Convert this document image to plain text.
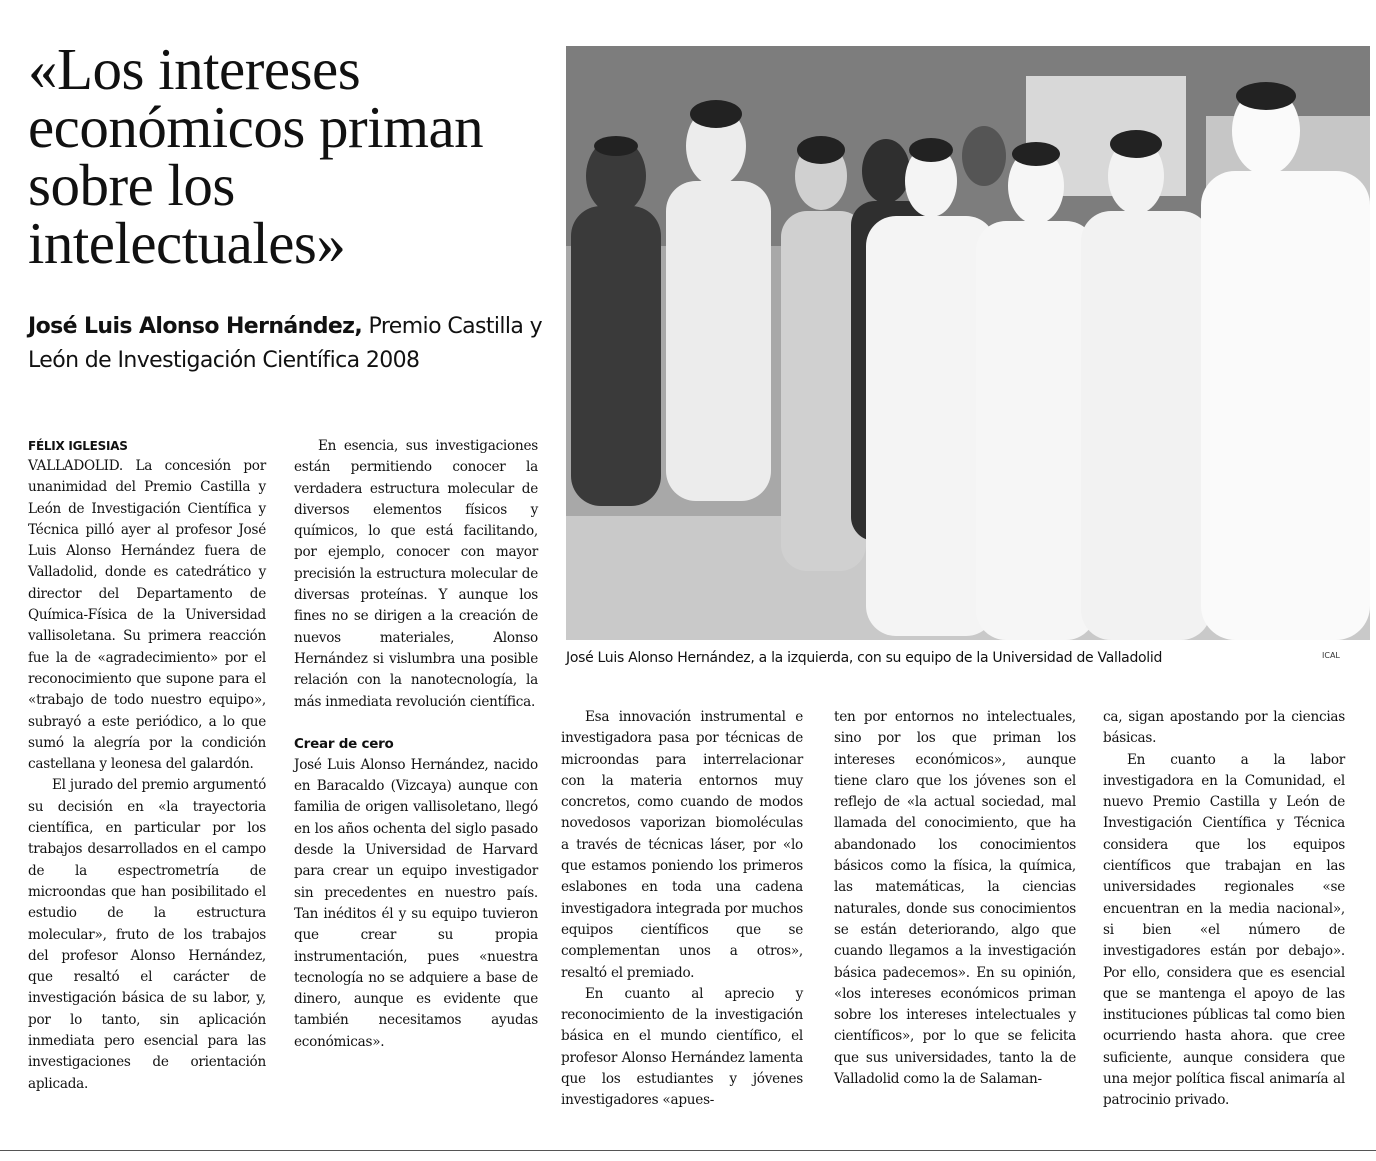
«Los intereses económicos priman sobre los intelectuales»
José Luis Alonso Hernández, Premio Castilla y León de Investigación Científica 2008
FÉLIX IGLESIAS

VALLADOLID. La concesión por unanimidad del Premio Castilla y León de Investigación Científica y Técnica pilló ayer al profesor José Luis Alonso Hernández fuera de Valladolid, donde es catedrático y director del Departamento de Química-Física de la Universidad vallisoletana. Su primera reacción fue la de «agradecimiento» por el reconocimiento que supone para el «trabajo de todo nuestro equipo», subrayó a este periódico, a lo que sumó la alegría por la condición castellana y leonesa del galardón.

El jurado del premio argumentó su decisión en «la trayectoria científica, en particular por los trabajos desarrollados en el campo de la espectrometría de microondas que han posibilitado el estudio de la estructura molecular», fruto de los trabajos del profesor Alonso Hernández, que resaltó el carácter de investigación básica de su labor, y, por lo tanto, sin aplicación inmediata pero esencial para las investigaciones de orientación aplicada.

En esencia, sus investigaciones están permitiendo conocer la verdadera estructura molecular de diversos elementos físicos y químicos, lo que está facilitando, por ejemplo, conocer con mayor precisión la estructura molecular de diversas proteínas. Y aunque los fines no se dirigen a la creación de nuevos materiales, Alonso Hernández si vislumbra una posible relación con la nanotecnología, la más inmediata revolución científica.

Crear de cero

José Luis Alonso Hernández, nacido en Baracaldo (Vizcaya) aunque con familia de origen vallisoletano, llegó en los años ochenta del siglo pasado desde la Universidad de Harvard para crear un equipo investigador sin precedentes en nuestro país. Tan inéditos él y su equipo tuvieron que crear su propia instrumentación, pues «nuestra tecnología no se adquiere a base de dinero, aunque es evidente que también necesitamos ayudas económicas».

José Luis Alonso Hernández, a la izquierda, con su equipo de la Universidad de Valladolid	ICAL

Esa innovación instrumental e investigadora pasa por técnicas de microondas para interrelacionar con la materia entornos muy concretos, como cuando de modos novedosos vaporizan biomoléculas a través de técnicas láser, por «lo que estamos poniendo los primeros eslabones en toda una cadena investigadora integrada por muchos equipos científicos que se complementan unos a otros», resaltó el premiado.

En cuanto al aprecio y reconocimiento de la investigación básica en el mundo científico, el profesor Alonso Hernández lamenta que los estudiantes y jóvenes investigadores «apues-

ten por entornos no intelectuales, sino por los que priman los intereses económicos», aunque tiene claro que los jóvenes son el reflejo de «la actual sociedad, mal llamada del conocimiento, que ha abandonado los conocimientos básicos como la física, la química, las matemáticas, la ciencias naturales, donde sus conocimientos se están deteriorando, algo que cuando llegamos a la investigación básica padecemos». En su opinión, «los intereses económicos priman sobre los intereses intelectuales y científicos», por lo que se felicita que sus universidades, tanto la de Valladolid como la de Salaman-

ca, sigan apostando por la ciencias básicas.

En cuanto a la labor investigadora en la Comunidad, el nuevo Premio Castilla y León de Investigación Científica y Técnica considera que los equipos científicos que trabajan en las universidades regionales «se encuentran en la media nacional», si bien «el número de investigadores están por debajo». Por ello, considera que es esencial que se mantenga el apoyo de las instituciones públicas tal como bien ocurriendo hasta ahora. que cree suficiente, aunque considera que una mejor política fiscal animaría al patrocinio privado.
